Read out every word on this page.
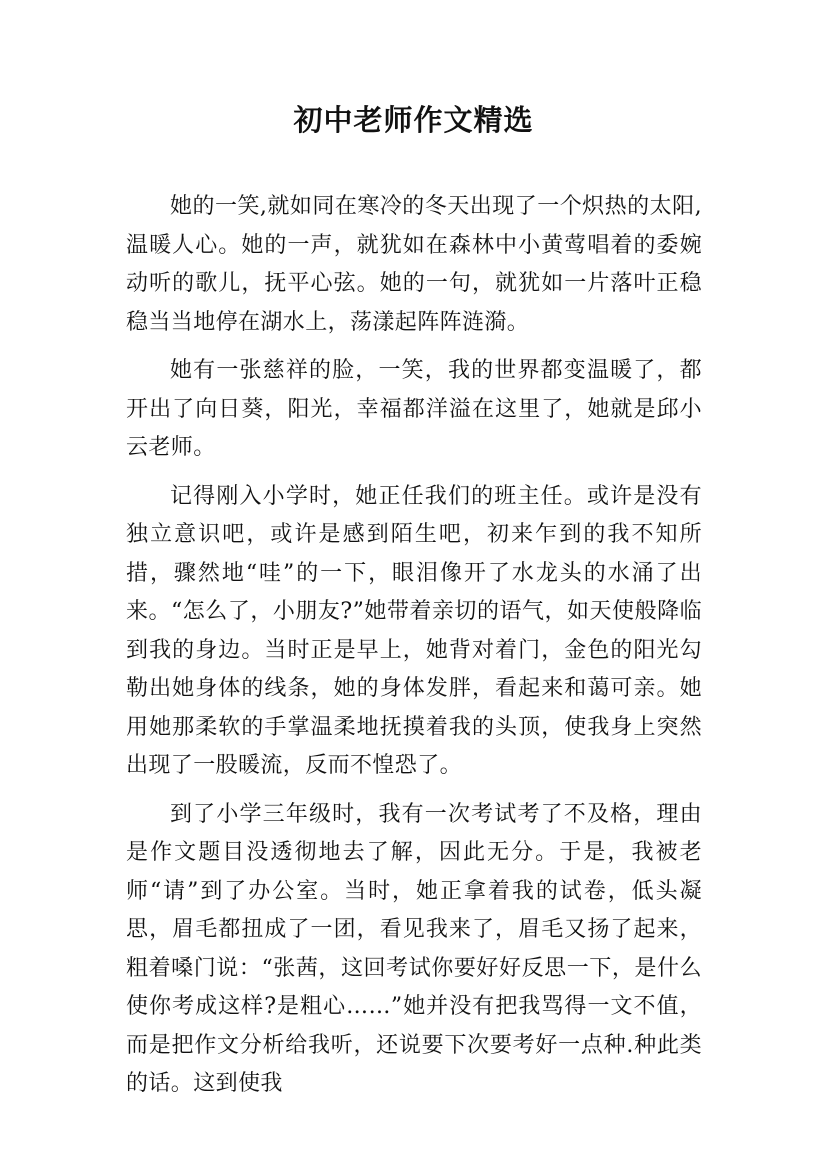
初中老师作文精选

她的一笑,就如同在寒冷的冬天出现了一个炽热的太阳,温暖人心。她的一声，就犹如在森林中小黄莺唱着的委婉动听的歌儿，抚平心弦。她的一句，就犹如一片落叶正稳稳当当地停在湖水上，荡漾起阵阵涟漪。

她有一张慈祥的脸，一笑，我的世界都变温暖了，都开出了向日葵，阳光，幸福都洋溢在这里了，她就是邱小云老师。

记得刚入小学时，她正任我们的班主任。或许是没有独立意识吧，或许是感到陌生吧，初来乍到的我不知所措，骤然地“哇”的一下，眼泪像开了水龙头的水涌了出来。“怎么了，小朋友?”她带着亲切的语气，如天使般降临到我的身边。当时正是早上，她背对着门，金色的阳光勾勒出她身体的线条，她的身体发胖，看起来和蔼可亲。她用她那柔软的手掌温柔地抚摸着我的头顶，使我身上突然出现了一股暖流，反而不惶恐了。

到了小学三年级时，我有一次考试考了不及格，理由是作文题目没透彻地去了解，因此无分。于是，我被老师“请”到了办公室。当时，她正拿着我的试卷，低头凝思，眉毛都扭成了一团，看见我来了，眉毛又扬了起来，粗着嗓门说：“张茜，这回考试你要好好反思一下，是什么使你考成这样?是粗心……”她并没有把我骂得一文不值，而是把作文分析给我听，还说要下次要考好一点种.种此类的话。这到使我
